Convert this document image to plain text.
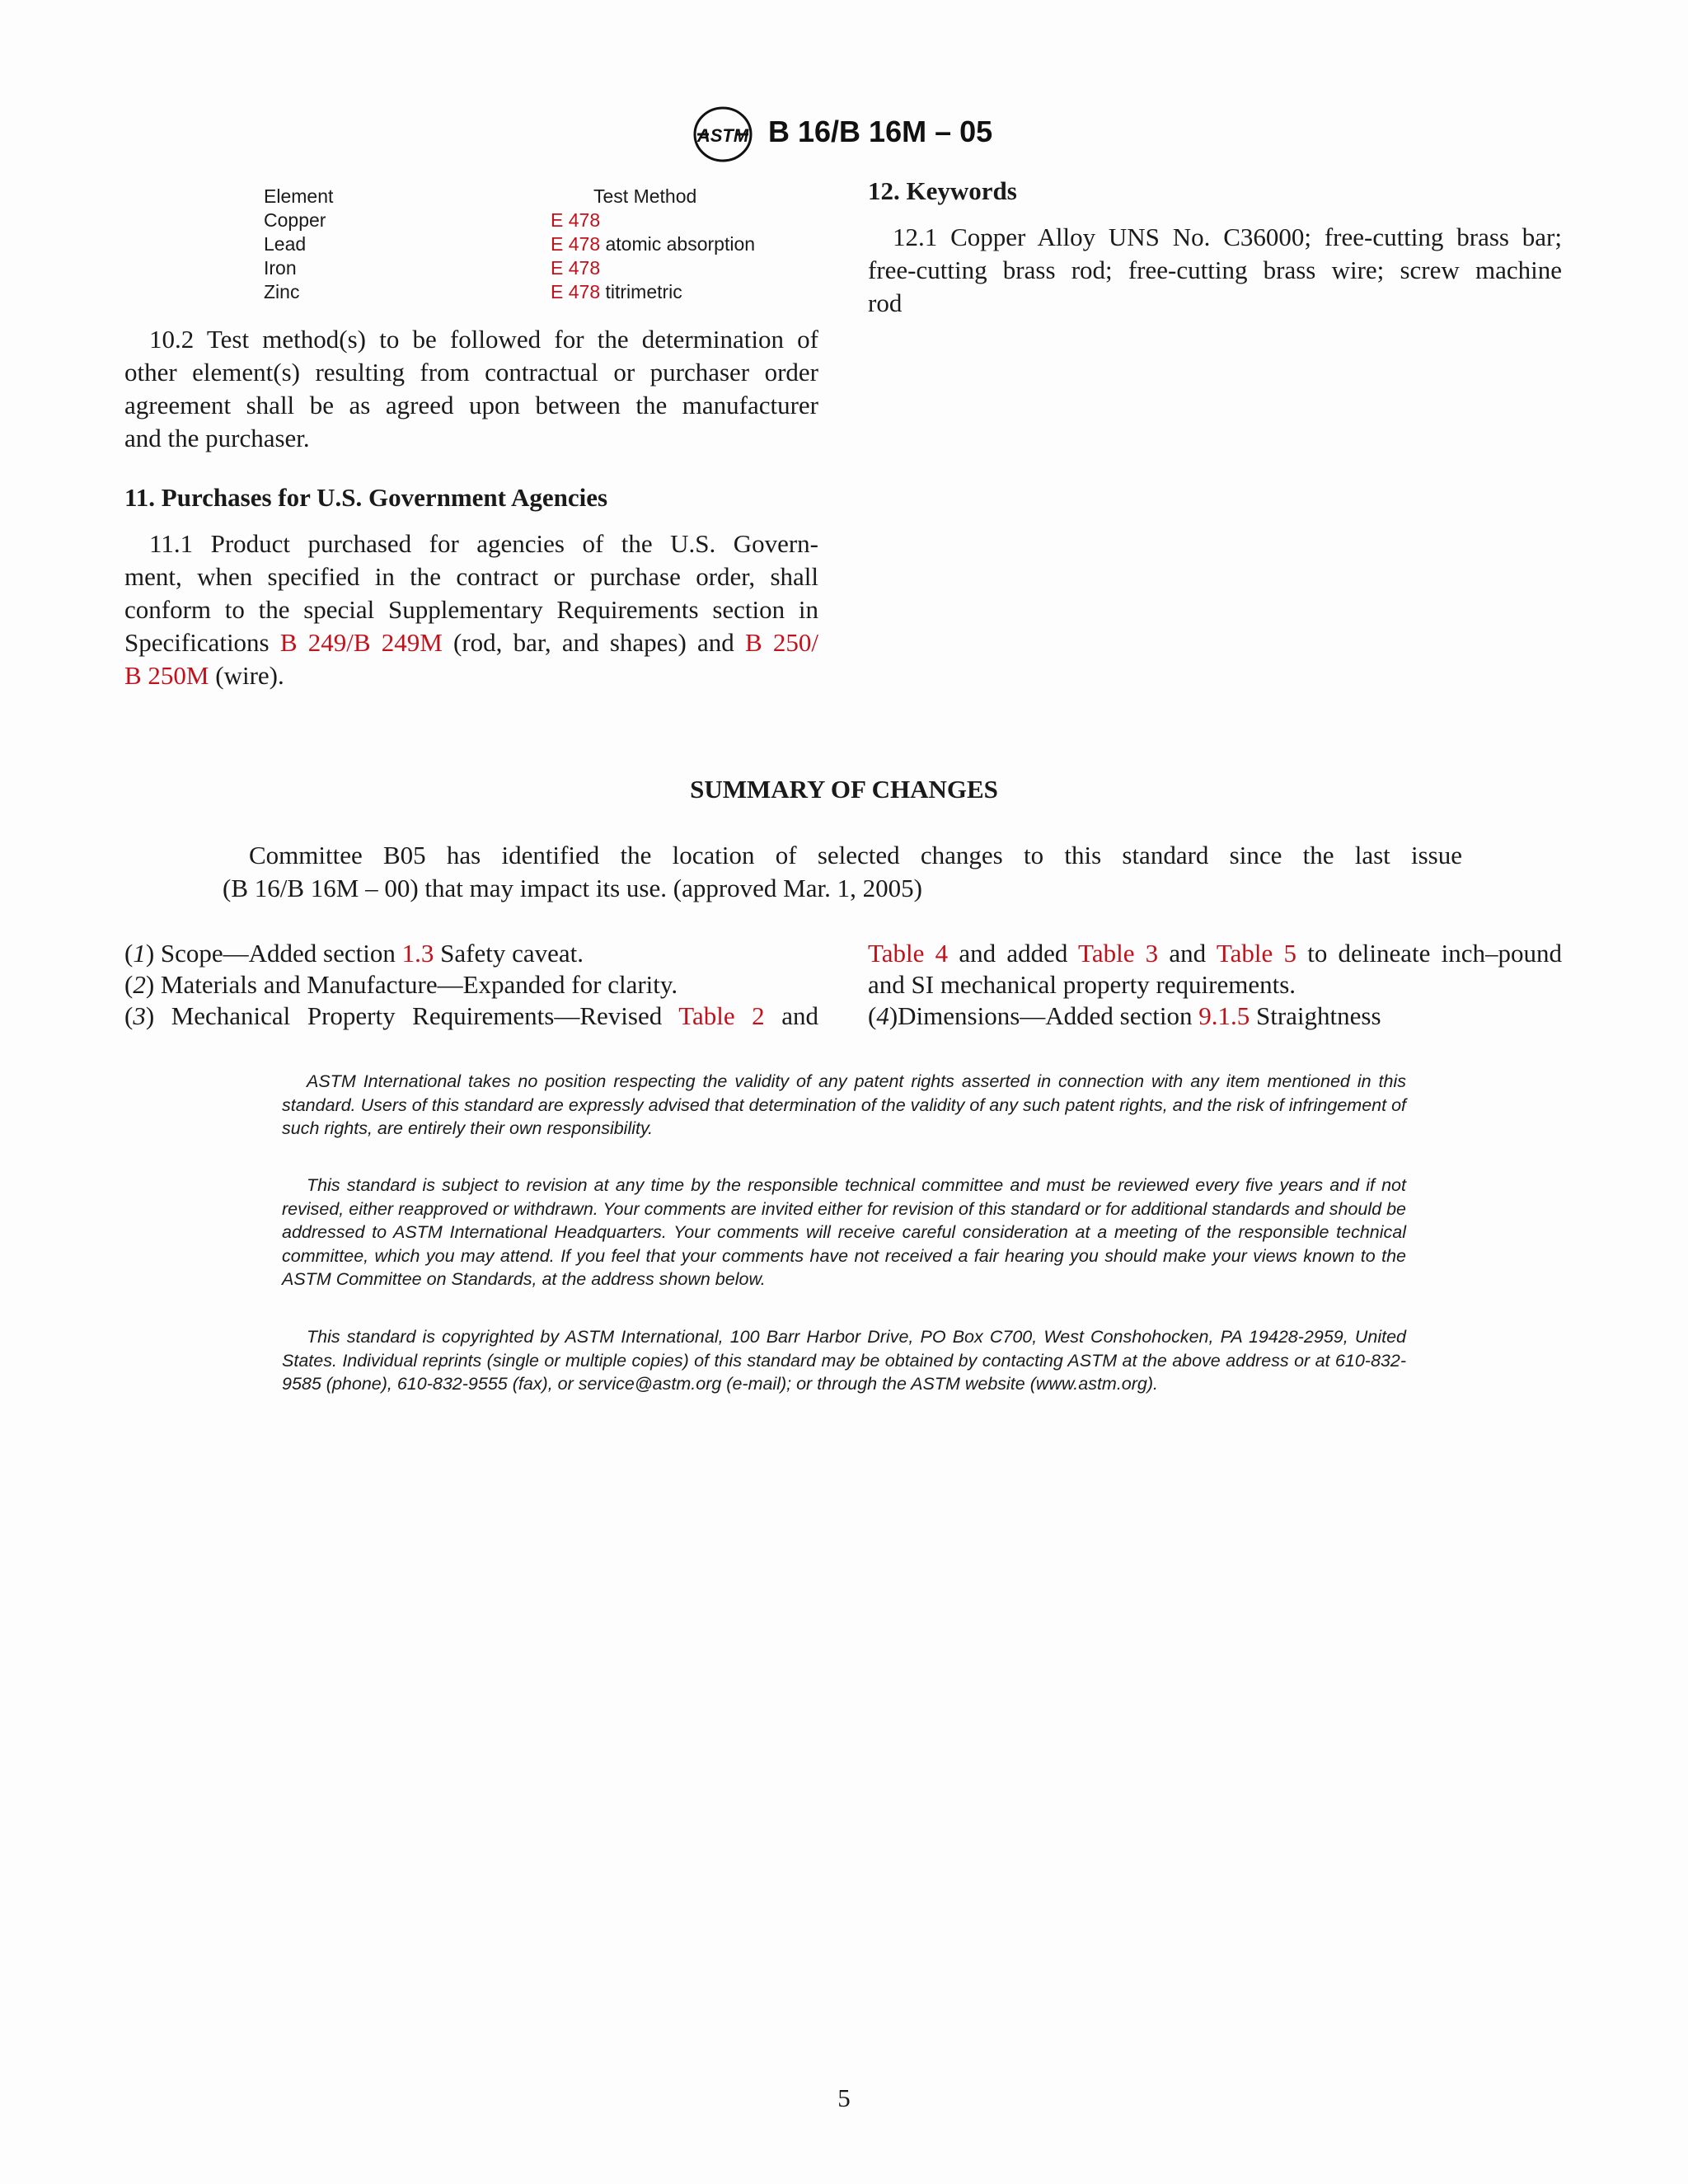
ASTM B 16/B 16M – 05
Element	Test Method
Copper	E 478
Lead	E 478 atomic absorption
Iron	E 478
Zinc	E 478 titrimetric
10.2 Test method(s) to be followed for the determination of
other element(s) resulting from contractual or purchaser order
agreement shall be as agreed upon between the manufacturer
and the purchaser.
11. Purchases for U.S. Government Agencies
11.1 Product purchased for agencies of the U.S. Govern-
ment, when specified in the contract or purchase order, shall
conform to the special Supplementary Requirements section in
Specifications B 249/B 249M (rod, bar, and shapes) and B 250/
B 250M (wire).
12. Keywords
12.1 Copper Alloy UNS No. C36000; free-cutting brass bar;
free-cutting brass rod; free-cutting brass wire; screw machine
rod
SUMMARY OF CHANGES
Committee B05 has identified the location of selected changes to this standard since the last issue
(B 16/B 16M – 00) that may impact its use. (approved Mar. 1, 2005)
(1) Scope—Added section 1.3 Safety caveat.
(2) Materials and Manufacture—Expanded for clarity.
(3) Mechanical Property Requirements—Revised Table 2 and
Table 4 and added Table 3 and Table 5 to delineate inch–pound
and SI mechanical property requirements.
(4)Dimensions—Added section 9.1.5 Straightness
ASTM International takes no position respecting the validity of any patent rights asserted in connection with any item mentioned in this standard. Users of this standard are expressly advised that determination of the validity of any such patent rights, and the risk of infringement of such rights, are entirely their own responsibility.
This standard is subject to revision at any time by the responsible technical committee and must be reviewed every five years and if not revised, either reapproved or withdrawn. Your comments are invited either for revision of this standard or for additional standards and should be addressed to ASTM International Headquarters. Your comments will receive careful consideration at a meeting of the responsible technical committee, which you may attend. If you feel that your comments have not received a fair hearing you should make your views known to the ASTM Committee on Standards, at the address shown below.
This standard is copyrighted by ASTM International, 100 Barr Harbor Drive, PO Box C700, West Conshohocken, PA 19428-2959, United States. Individual reprints (single or multiple copies) of this standard may be obtained by contacting ASTM at the above address or at 610-832-9585 (phone), 610-832-9555 (fax), or service@astm.org (e-mail); or through the ASTM website (www.astm.org).
5
